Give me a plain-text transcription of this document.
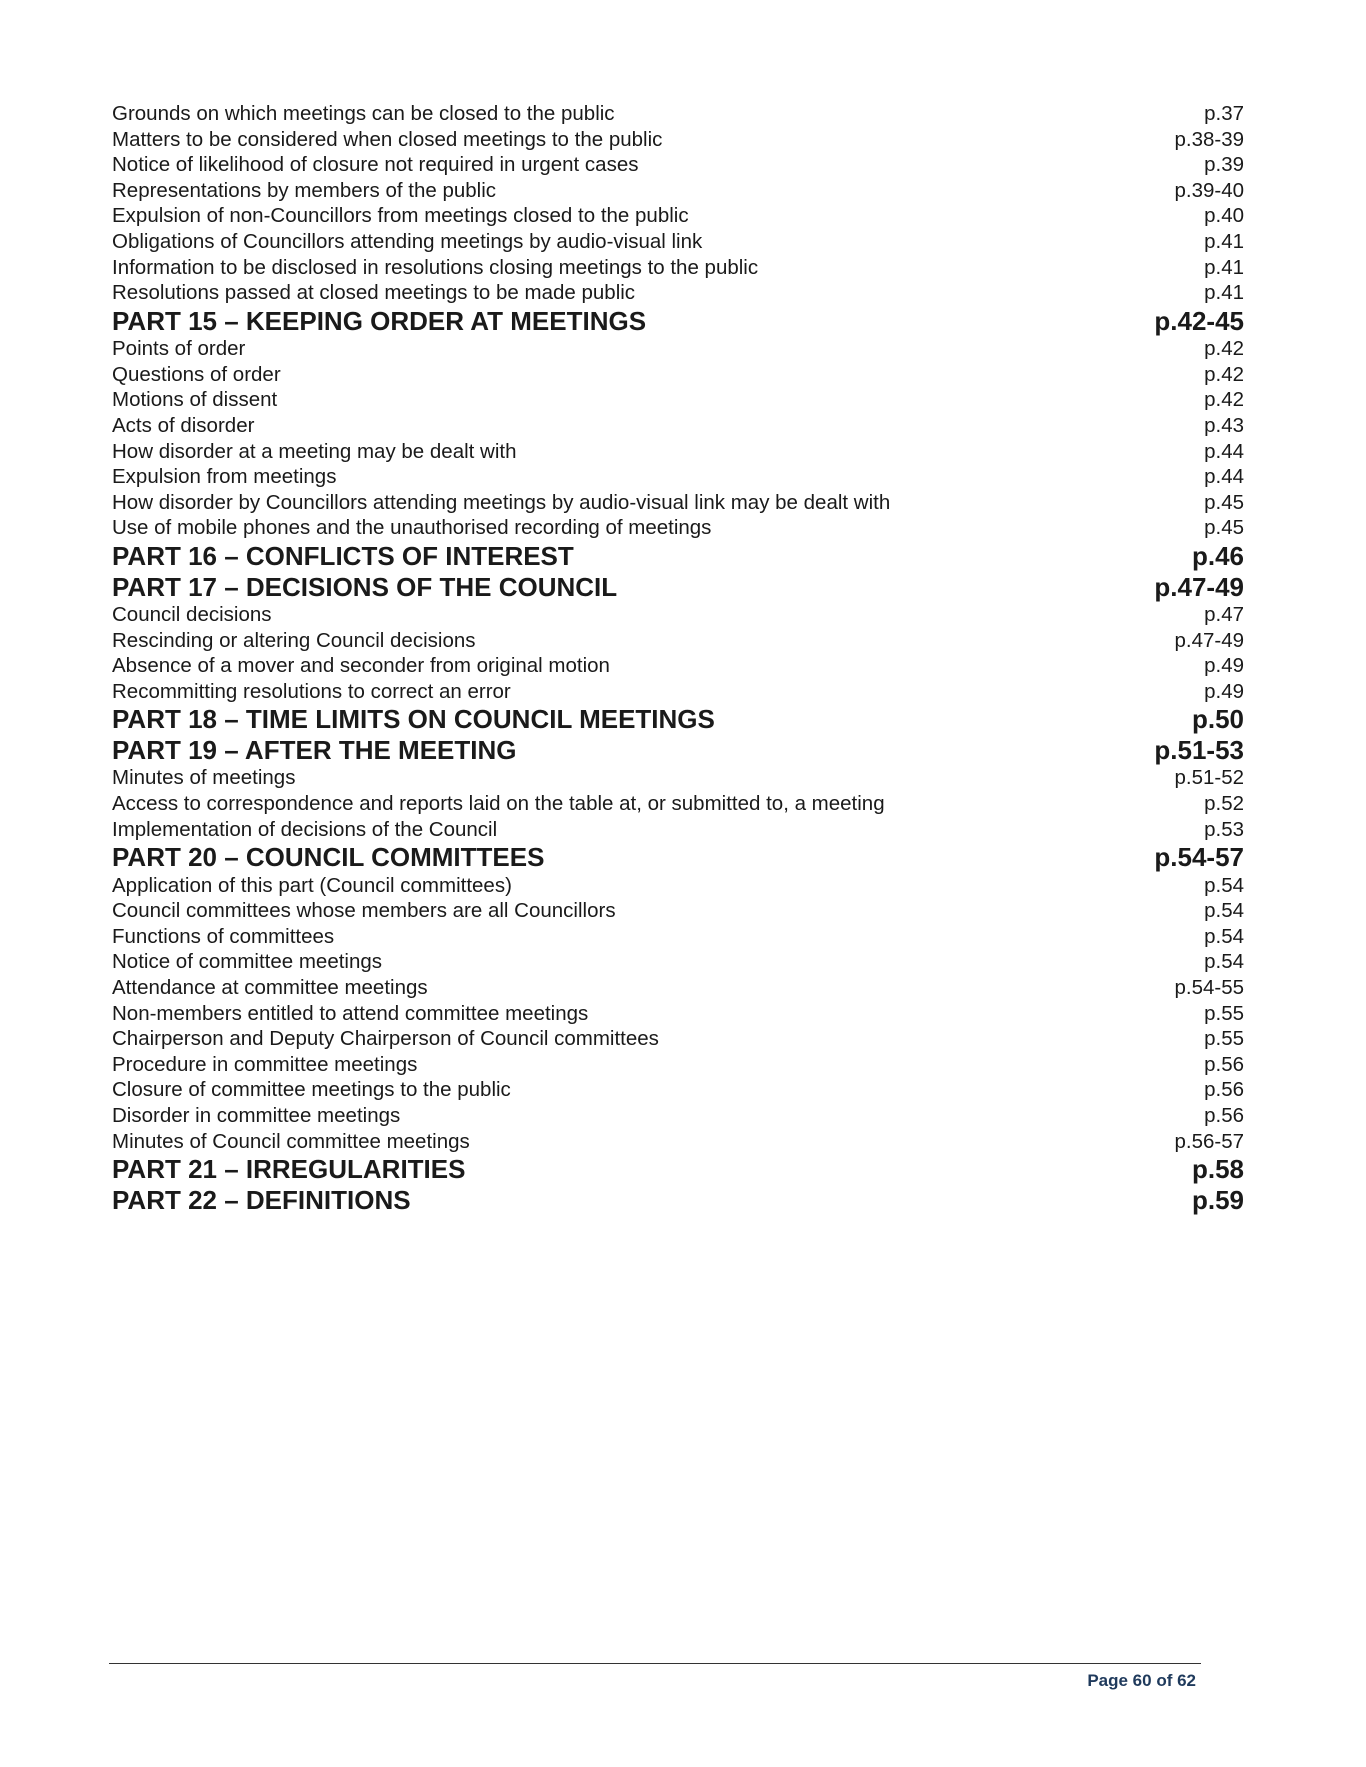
Grounds on which meetings can be closed to the public	p.37
Matters to be considered when closed meetings to the public	p.38-39
Notice of likelihood of closure not required in urgent cases	p.39
Representations by members of the public	p.39-40
Expulsion of non-Councillors from meetings closed to the public	p.40
Obligations of Councillors attending meetings by audio-visual link	p.41
Information to be disclosed in resolutions closing meetings to the public	p.41
Resolutions passed at closed meetings to be made public	p.41
PART 15 – KEEPING ORDER AT MEETINGS	p.42-45
Points of order	p.42
Questions of order	p.42
Motions of dissent	p.42
Acts of disorder	p.43
How disorder at a meeting may be dealt with	p.44
Expulsion from meetings	p.44
How disorder by Councillors attending meetings by audio-visual link may be dealt with	p.45
Use of mobile phones and the unauthorised recording of meetings	p.45
PART 16 – CONFLICTS OF INTEREST	p.46
PART 17 – DECISIONS OF THE COUNCIL	p.47-49
Council decisions	p.47
Rescinding or altering Council decisions	p.47-49
Absence of a mover and seconder from original motion	p.49
Recommitting resolutions to correct an error	p.49
PART 18 – TIME LIMITS ON COUNCIL MEETINGS	p.50
PART 19 – AFTER THE MEETING	p.51-53
Minutes of meetings	p.51-52
Access to correspondence and reports laid on the table at, or submitted to, a meeting	p.52
Implementation of decisions of the Council	p.53
PART 20 – COUNCIL COMMITTEES	p.54-57
Application of this part (Council committees)	p.54
Council committees whose members are all Councillors	p.54
Functions of committees	p.54
Notice of committee meetings	p.54
Attendance at committee meetings	p.54-55
Non-members entitled to attend committee meetings	p.55
Chairperson and Deputy Chairperson of Council committees	p.55
Procedure in committee meetings	p.56
Closure of committee meetings to the public	p.56
Disorder in committee meetings	p.56
Minutes of Council committee meetings	p.56-57
PART 21 – IRREGULARITIES	p.58
PART 22 – DEFINITIONS	p.59
Page 60 of 62
